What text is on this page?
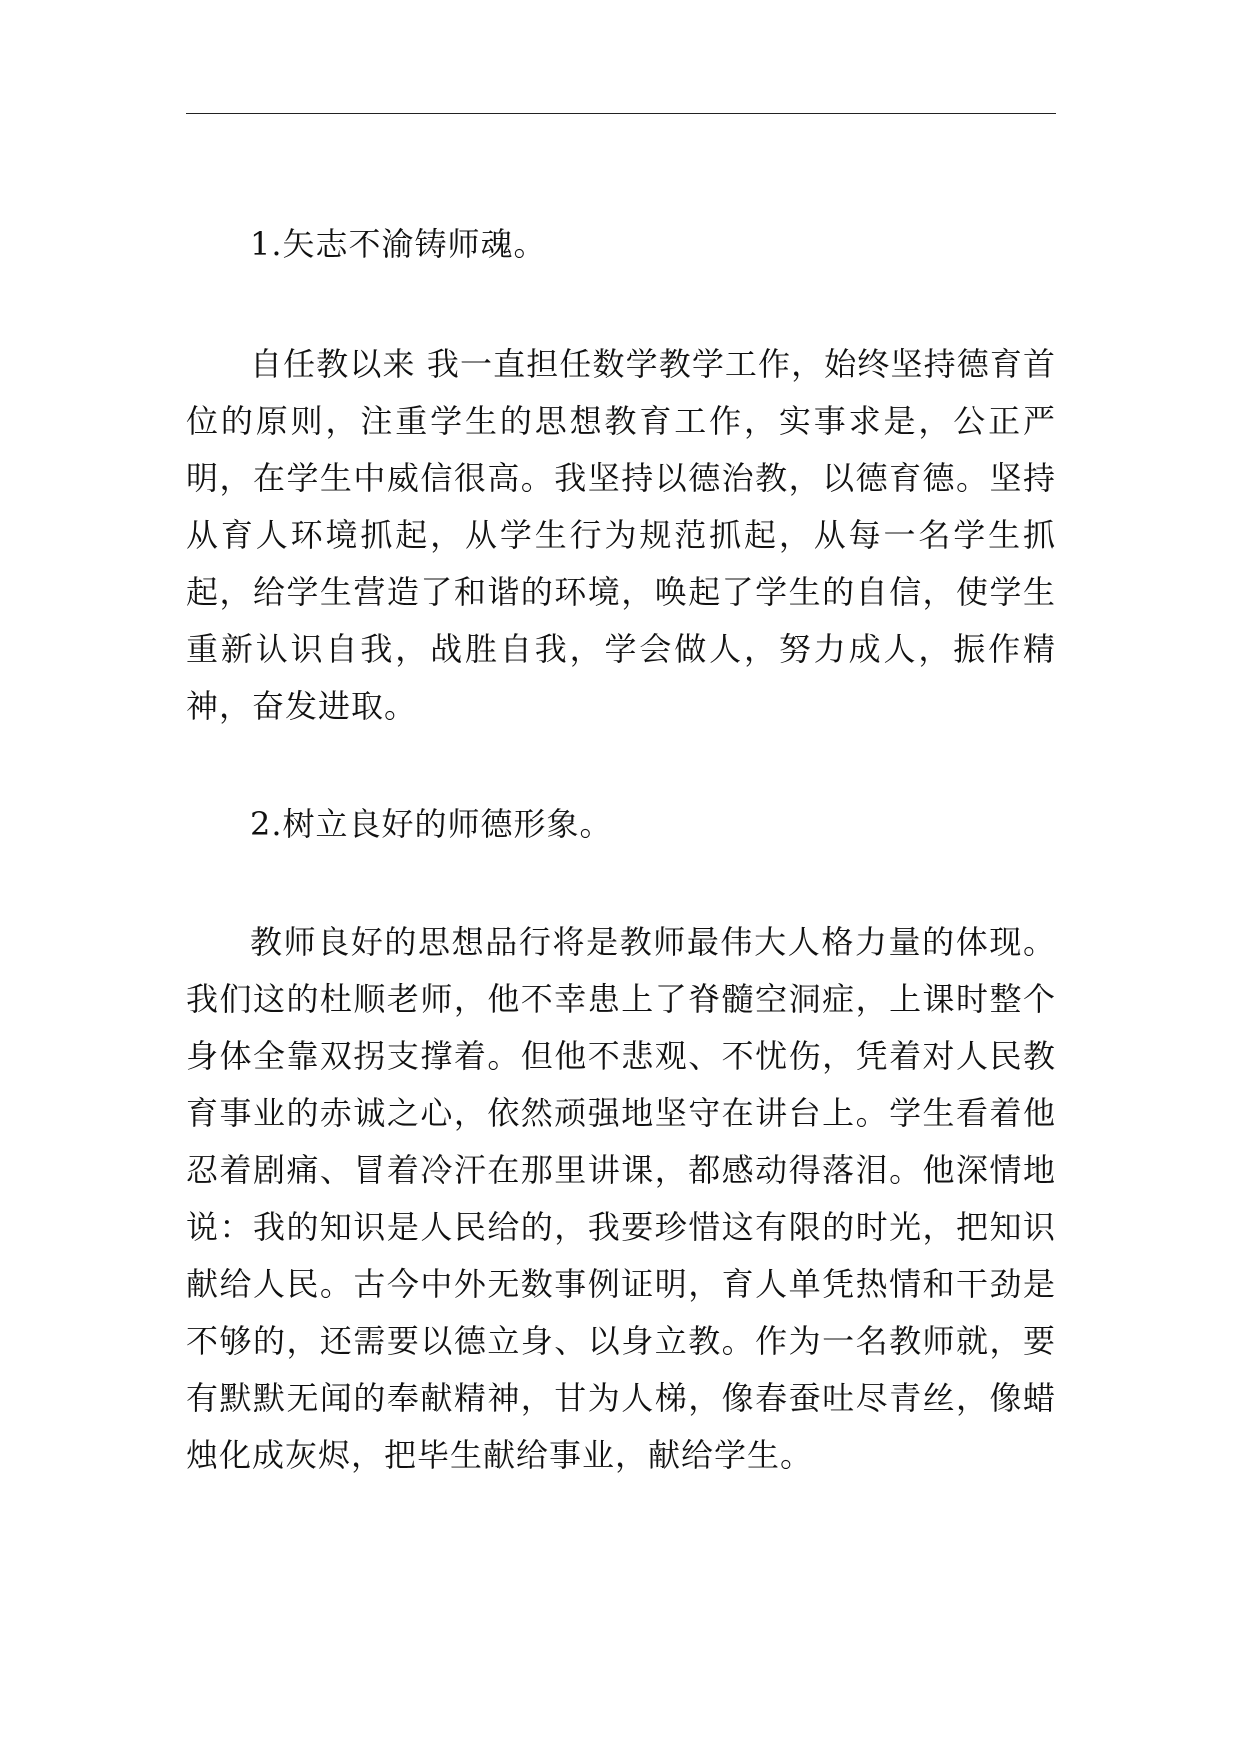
1.矢志不渝铸师魂。

自任教以来 我一直担任数学教学工作，始终坚持德育首位的原则，注重学生的思想教育工作，实事求是，公正严明，在学生中威信很高。我坚持以德治教，以德育德。坚持从育人环境抓起，从学生行为规范抓起，从每一名学生抓起，给学生营造了和谐的环境，唤起了学生的自信，使学生重新认识自我，战胜自我，学会做人，努力成人，振作精神，奋发进取。

2.树立良好的师德形象。

教师良好的思想品行将是教师最伟大人格力量的体现。我们这的杜顺老师，他不幸患上了脊髓空洞症，上课时整个身体全靠双拐支撑着。但他不悲观、不忧伤，凭着对人民教育事业的赤诚之心，依然顽强地坚守在讲台上。学生看着他忍着剧痛、冒着冷汗在那里讲课，都感动得落泪。他深情地说：我的知识是人民给的，我要珍惜这有限的时光，把知识献给人民。古今中外无数事例证明，育人单凭热情和干劲是不够的，还需要以德立身、以身立教。作为一名教师就，要有默默无闻的奉献精神，甘为人梯，像春蚕吐尽青丝，像蜡烛化成灰烬，把毕生献给事业，献给学生。
